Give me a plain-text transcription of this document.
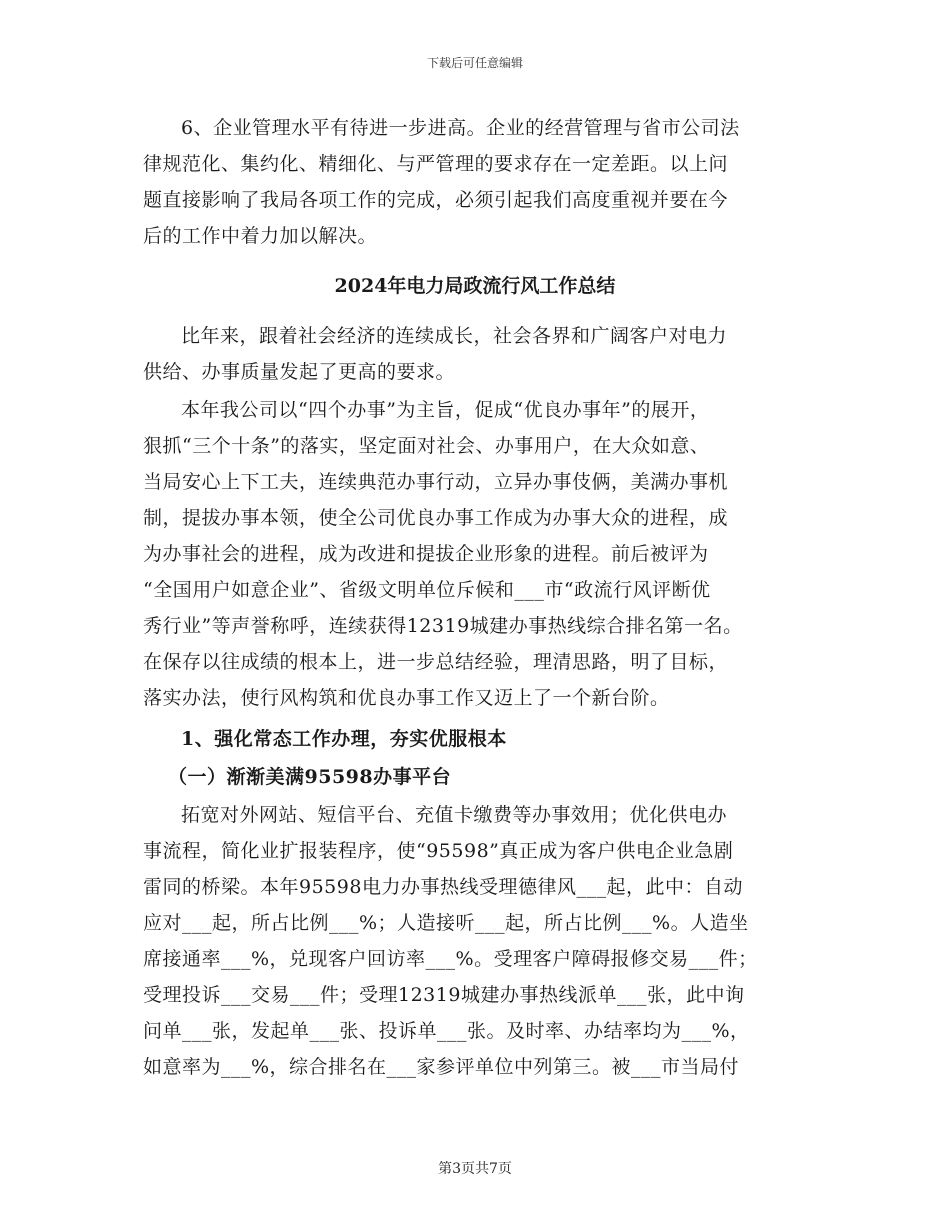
下载后可任意编辑
6、企业管理水平有待进一步进高。企业的经营管理与省市公司法
律规范化、集约化、精细化、与严管理的要求存在一定差距。以上问
题直接影响了我局各项工作的完成，必须引起我们高度重视并要在今
后的工作中着力加以解决。
2024年电力局政流行风工作总结
比年来，跟着社会经济的连续成长，社会各界和广阔客户对电力
供给、办事质量发起了更高的要求。
本年我公司以“四个办事”为主旨，促成“优良办事年”的展开，
狠抓“三个十条”的落实，坚定面对社会、办事用户，在大众如意、
当局安心上下工夫，连续典范办事行动，立异办事伎俩，美满办事机
制，提拔办事本领，使全公司优良办事工作成为办事大众的进程，成
为办事社会的进程，成为改进和提拔企业形象的进程。前后被评为
“全国用户如意企业”、省级文明单位斥候和___市“政流行风评断优
秀行业”等声誉称呼，连续获得12319城建办事热线综合排名第一名。
在保存以往成绩的根本上，进一步总结经验，理清思路，明了目标，
落实办法，使行风构筑和优良办事工作又迈上了一个新台阶。
1、强化常态工作办理，夯实优服根本
（一）渐渐美满95598办事平台
拓宽对外网站、短信平台、充值卡缴费等办事效用；优化供电办
事流程，简化业扩报装程序，使“95598”真正成为客户供电企业急剧
雷同的桥梁。本年95598电力办事热线受理德律风___起，此中：自动
应对___起，所占比例___%；人造接听___起，所占比例___%。人造坐
席接通率___%，兑现客户回访率___%。受理客户障碍报修交易___件；
受理投诉___交易___件；受理12319城建办事热线派单___张，此中询
问单___张，发起单___张、投诉单___张。及时率、办结率均为___%，
如意率为___%，综合排名在___家参评单位中列第三。被___市当局付
第3页共7页
